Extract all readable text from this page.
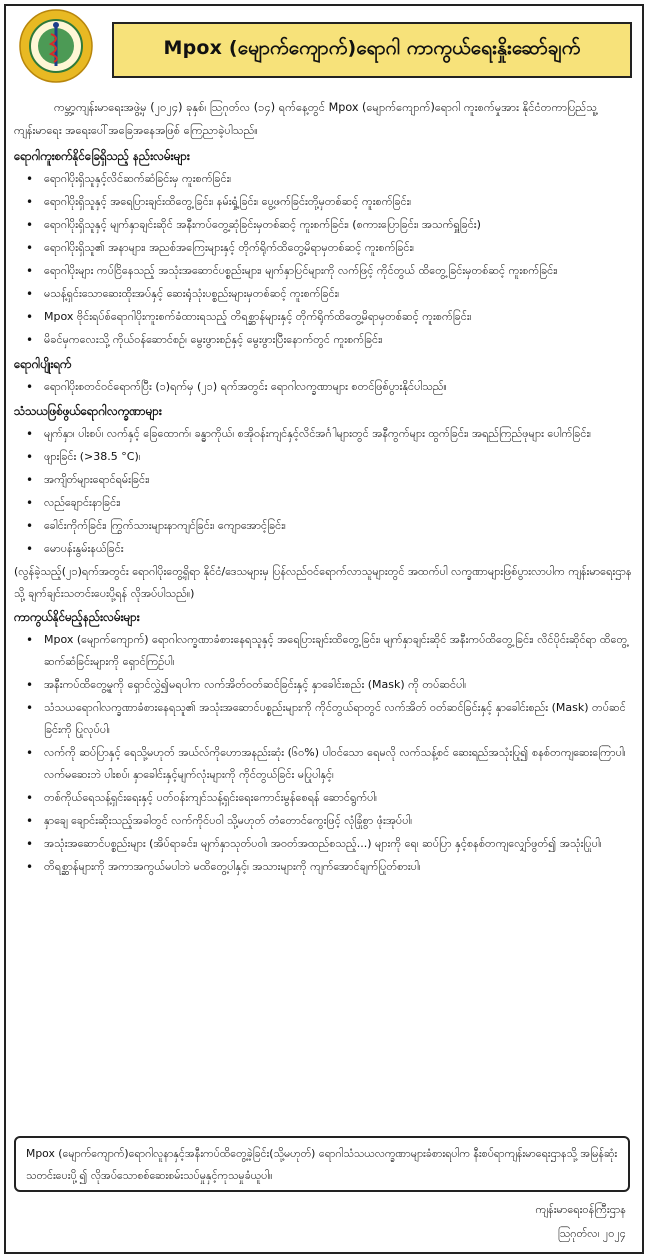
Mpox (မျောက်ကျောက်)ရောဂါ ကာကွယ်ရေးနှိုးဆော်ချက်

ကမ္ဘာ့ကျန်းမာရေးအဖွဲ့မှ (၂၀၂၄) ခုနှစ်၊ ဩဂုတ်လ (၁၄) ရက်နေ့တွင် Mpox (မျောက်ကျောက်)ရောဂါ ကူးစက်မှုအား နိုင်ငံတကာပြည်သူ့ကျန်းမာရေး အရေးပေါ်အခြေအနေအဖြစ် ကြေညာခဲ့ပါသည်။

ရောဂါကူးစက်နိုင်ခြေရှိသည့် နည်းလမ်းများ

• ရောဂါပိုးရှိသူနှင့်လိင်ဆက်ဆံခြင်းမှ ကူးစက်ခြင်း၊
• ရောဂါပိုးရှိသူနှင့် အရေပြားချင်းထိတွေ့ခြင်း၊ နမ်းရှုံ့ခြင်း၊ ပွေ့ဖက်ခြင်းတို့မှတစ်ဆင့် ကူးစက်ခြင်း၊
• ရောဂါပိုးရှိသူနှင့် မျက်နှာချင်းဆိုင် အနီးကပ်တွေ့ဆုံခြင်းမှတစ်ဆင့် ကူးစက်ခြင်း၊ (စကားပြောခြင်း၊ အသက်ရှူခြင်း)
• ရောဂါပိုးရှိသူ၏ အနာများ၊ အညစ်အကြေးများနှင့် တိုက်ရိုက်ထိတွေ့မိရာမှတစ်ဆင့် ကူးစက်ခြင်း၊
• ရောဂါပိုးများ ကပ်ငြိနေသည့် အသုံးအဆောင်ပစ္စည်းများ၊ မျက်နှာပြင်များကို လက်ဖြင့် ကိုင်တွယ် ထိတွေ့ခြင်းမှတစ်ဆင့် ကူးစက်ခြင်း၊
• မသန့်ရှင်းသောဆေးထိုးအပ်နှင့် ဆေးရုံသုံးပစ္စည်းများမှတစ်ဆင့် ကူးစက်ခြင်း၊
• Mpox ဗိုင်းရပ်စ်ရောဂါပိုးကူးစက်ခံထားရသည့် တိရစ္ဆာန်များနှင့် တိုက်ရိုက်ထိတွေ့မိရာမှတစ်ဆင့် ကူးစက်ခြင်း၊
• မိခင်မှကလေးသို့ ကိုယ်ဝန်ဆောင်စဉ်၊ မွေးဖွားစဉ်နှင့် မွေးဖွားပြီးနောက်တွင် ကူးစက်ခြင်း၊

ရောဂါပျိုးရက်

• ရောဂါပိုးစတင်ဝင်ရောက်ပြီး (၁)ရက်မှ (၂၁) ရက်အတွင်း ရောဂါလက္ခဏာများ စတင်ဖြစ်ပွားနိုင်ပါသည်။

သံသယဖြစ်ဖွယ်ရောဂါလက္ခဏာများ

• မျက်နှာ၊ ပါးစပ်၊ လက်နှင့် ခြေထောက်၊ ခန္ဓာကိုယ်၊ စအိုဝန်းကျင်နှင့်လိင်အင်္ဂါများတွင် အနီကွက်များ ထွက်ခြင်း၊ အရည်ကြည်ဖုများ ပေါက်ခြင်း၊
• ဖျားခြင်း (>38.5 °C)၊
• အကျိတ်များရောင်ရမ်းခြင်း၊
• လည်ချောင်းနာခြင်း၊
• ခေါင်းကိုက်ခြင်း၊ ကြွက်သားများနာကျင်ခြင်း၊ ကျောအောင့်ခြင်း၊
• မောပန်းနွမ်းနယ်ခြင်း

(လွန်ခဲ့သည့်(၂၁)ရက်အတွင်း ရောဂါပိုးတွေ့ရှိရာ နိုင်ငံ/ဒေသများမှ ပြန်လည်ဝင်ရောက်လာသူများတွင် အထက်ပါ လက္ခဏာများဖြစ်ပွားလာပါက ကျန်းမာရေးဌာနသို့ ချက်ချင်းသတင်းပေးပို့ရန် လိုအပ်ပါသည်။)

ကာကွယ်နိုင်မည့်နည်းလမ်းများ

• Mpox (မျောက်ကျောက်) ရောဂါလက္ခဏာခံစားနေရသူနှင့် အရေပြားချင်းထိတွေ့ခြင်း၊ မျက်နှာချင်းဆိုင် အနီးကပ်ထိတွေ့ခြင်း၊ လိင်ပိုင်းဆိုင်ရာ ထိတွေ့ဆက်ဆံခြင်းများကို ရှောင်ကြဉ်ပါ၊
• အနီးကပ်ထိတွေ့မှုကို ရှောင်လွှဲ၍မရပါက လက်အိတ်ဝတ်ဆင်ခြင်းနှင့် နှာခေါင်းစည်း (Mask) ကို တပ်ဆင်ပါ၊
• သံသယရောဂါလက္ခဏာခံစားနေရသူ၏ အသုံးအဆောင်ပစ္စည်းများကို ကိုင်တွယ်ရာတွင် လက်အိတ် ဝတ်ဆင်ခြင်းနှင့် နှာခေါင်းစည်း (Mask) တပ်ဆင်ခြင်းကို ပြုလုပ်ပါ၊
• လက်ကို ဆပ်ပြာနှင့် ရေသို့မဟုတ် အယ်လ်ကိုဟောအနည်းဆုံး (၆၀%) ပါဝင်သော ရေမလို လက်သန့်စင် ဆေးရည်အသုံးပြု၍ စနစ်တကျဆေးကြောပါ၊ လက်မဆေးဘဲ ပါးစပ်၊ နှာခေါင်းနှင့်မျက်လုံးများကို ကိုင်တွယ်ခြင်း မပြုပါနှင့်၊
• တစ်ကိုယ်ရေသန့်ရှင်းရေးနှင့် ပတ်ဝန်းကျင်သန့်ရှင်းရေးကောင်းမွန်စေရန် ဆောင်ရွက်ပါ၊
• နှာချေ ချောင်းဆိုးသည့်အခါတွင် လက်ကိုင်ပဝါ သို့မဟုတ် တံတောင်ကွေးဖြင့် လုံခြုံစွာ ဖုံးအုပ်ပါ၊
• အသုံးအဆောင်ပစ္စည်းများ (အိပ်ရာခင်း၊ မျက်နှာသုတ်ပဝါ၊ အဝတ်အထည်စသည့်...) များကို ရေ၊ ဆပ်ပြာ နှင့်စနစ်တကျလျှော်ဖွတ်၍ အသုံးပြုပါ၊
• တိရစ္ဆာန်များကို အကာအကွယ်မပါဘဲ မထိတွေ့ပါနှင့်၊ အသားများကို ကျက်အောင်ချက်ပြုတ်စားပါ၊
Mpox (မျောက်ကျောက်)ရောဂါလူနာနှင့်အနီးကပ်ထိတွေ့ခဲ့ခြင်း(သို့မဟုတ်) ရောဂါသံသယလက္ခဏာများခံစားရပါက နီးစပ်ရာကျန်းမာရေးဌာနသို့ အမြန်ဆုံးသတင်းပေးပို့၍ လိုအပ်သောစစ်ဆေးစမ်းသပ်မှုနှင့်ကုသမှုခံယူပါ။
ကျန်းမာရေးဝန်ကြီးဌာန
ဩဂုတ်လ၊ ၂၀၂၄
